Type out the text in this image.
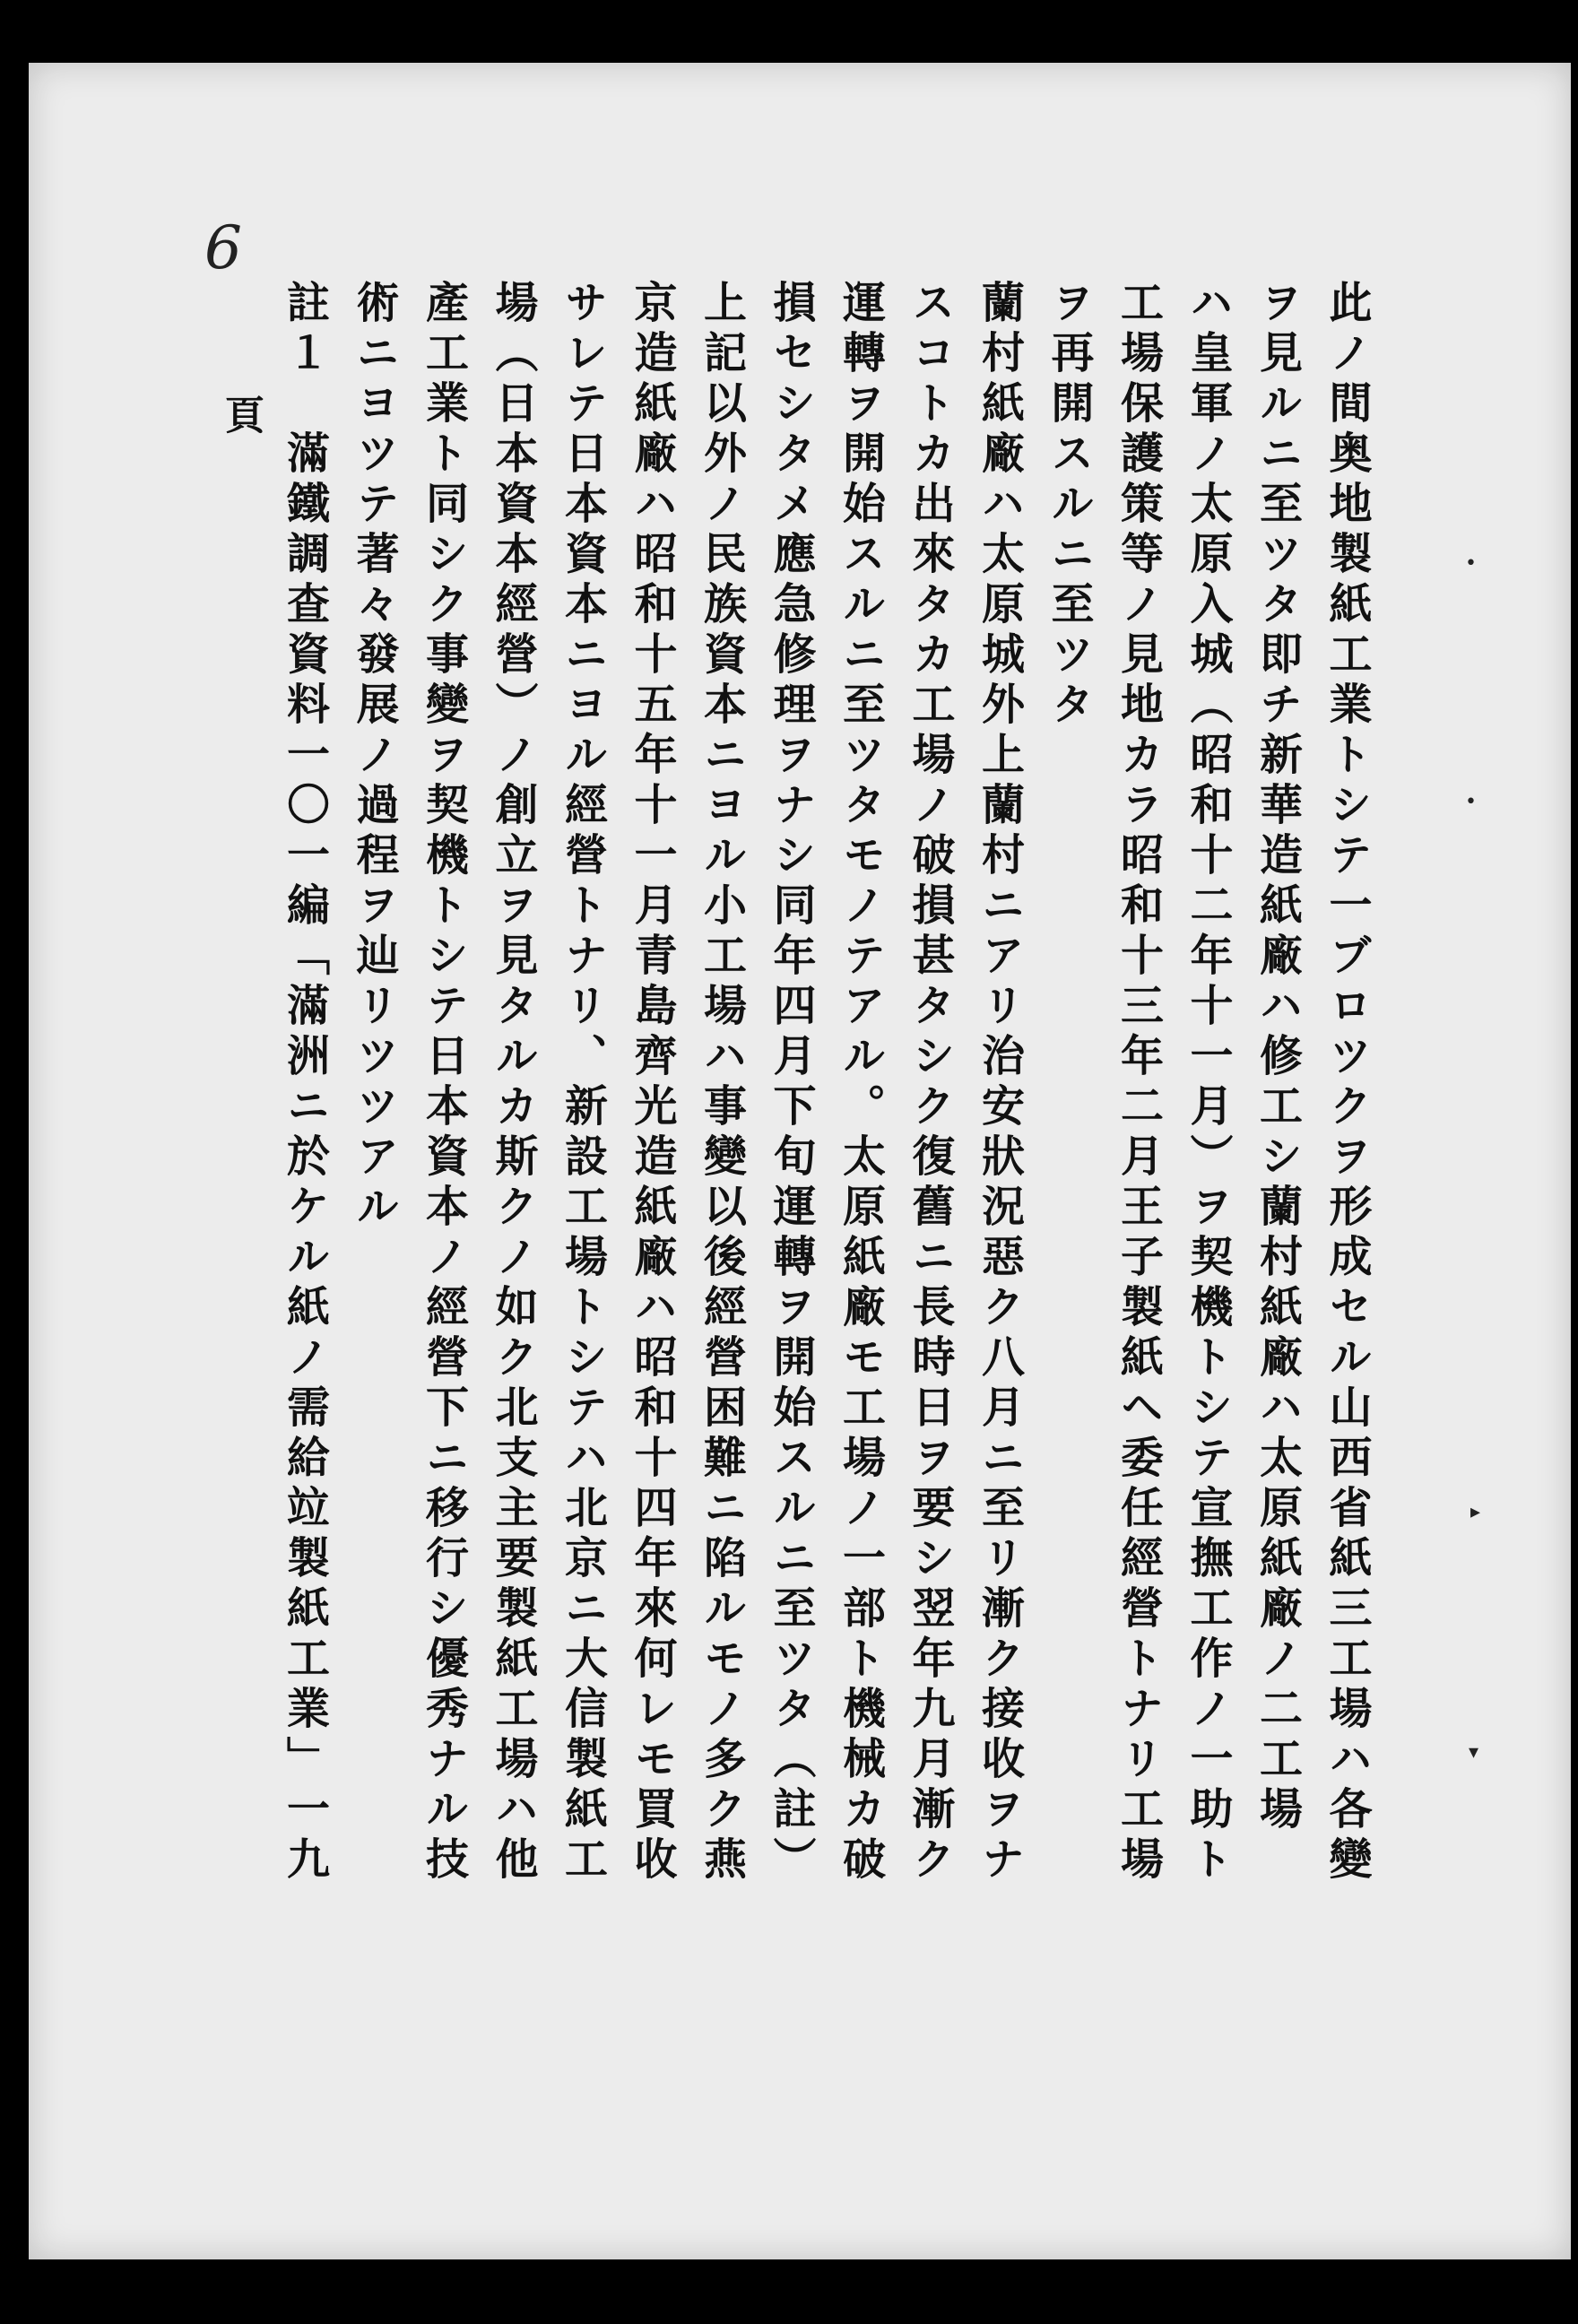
6
頁	此ノ間奥地製紙工業トシテ一ブロツクヲ形成セル山西省紙三工場ハ各變
ヲ見ルニ至ツタ即チ新華造紙廠ハ修工シ蘭村紙廠ハ太原紙廠ノ二工場
ハ皇軍ノ太原入城（昭和十二年十一月）ヲ契機トシテ宣撫工作ノ一助ト
工場保護策等ノ見地カラ昭和十三年二月王子製紙ヘ委任經營トナリ工場
ヲ再開スルニ至ツタ
蘭村紙廠ハ太原城外上蘭村ニアリ治安狀況惡ク八月ニ至リ漸ク接收ヲナ
スコトカ出來タカ工場ノ破損甚タシク復舊ニ長時日ヲ要シ翌年九月漸ク
運轉ヲ開始スルニ至ツタモノテアル。太原紙廠モ工場ノ一部ト機械カ破
損セシタメ應急修理ヲナシ同年四月下旬運轉ヲ開始スルニ至ツタ（註）
上記以外ノ民族資本ニヨル小工場ハ事變以後經營困難ニ陷ルモノ多ク燕
京造紙廠ハ昭和十五年十一月青島齊光造紙廠ハ昭和十四年來何レモ買收
サレテ日本資本ニヨル經營トナリ、新設工場トシテハ北京ニ大信製紙工
場（日本資本經營）ノ創立ヲ見タルカ斯クノ如ク北支主要製紙工場ハ他
產工業ト同シク事變ヲ契機トシテ日本資本ノ經營下ニ移行シ優秀ナル技
術ニヨツテ著々發展ノ過程ヲ辿リツツアル
註１　滿鐵調查資料一〇一編「滿洲ニ於ケル紙ノ需給竝製紙工業」一九	•
•
▸
▾
